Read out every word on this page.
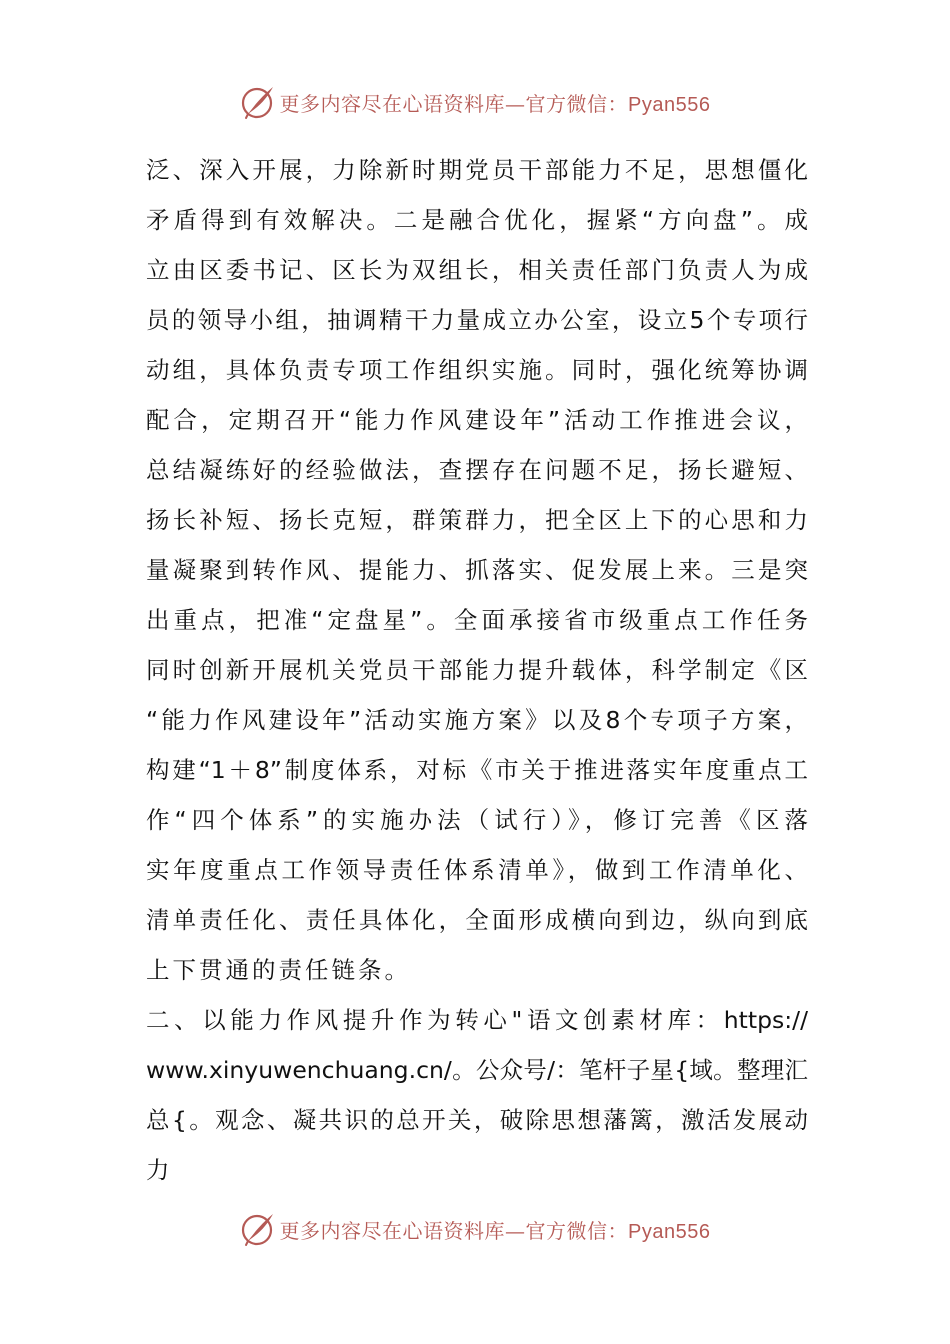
更多内容尽在心语资料库—官方微信：Pyan556
泛、深入开展，力除新时期党员干部能力不足，思想僵化
矛盾得到有效解决。二是融合优化，握紧“方向盘”。成
立由区委书记、区长为双组长，相关责任部门负责人为成
员的领导小组，抽调精干力量成立办公室，设立5个专项行
动组，具体负责专项工作组织实施。同时，强化统筹协调
配合，定期召开“能力作风建设年”活动工作推进会议，
总结凝练好的经验做法，查摆存在问题不足，扬长避短、
扬长补短、扬长克短，群策群力，把全区上下的心思和力
量凝聚到转作风、提能力、抓落实、促发展上来。三是突
出重点，把准“定盘星”。全面承接省市级重点工作任务
同时创新开展机关党员干部能力提升载体，科学制定《区
“能力作风建设年”活动实施方案》以及8个专项子方案，
构建“1＋8”制度体系，对标《市关于推进落实年度重点工
作“四个体系”的实施办法（试行）》，修订完善《区落
实年度重点工作领导责任体系清单》，做到工作清单化、
清单责任化、责任具体化，全面形成横向到边，纵向到底
上下贯通的责任链条。
二、以能力作风提升作为转心"语文创素材库：https://
www.xinyuwenchuang.cn/。公众号/：笔杆子星{域。整理汇
总{。观念、凝共识的总开关，破除思想藩篱，激活发展动
力
更多内容尽在心语资料库—官方微信：Pyan556
